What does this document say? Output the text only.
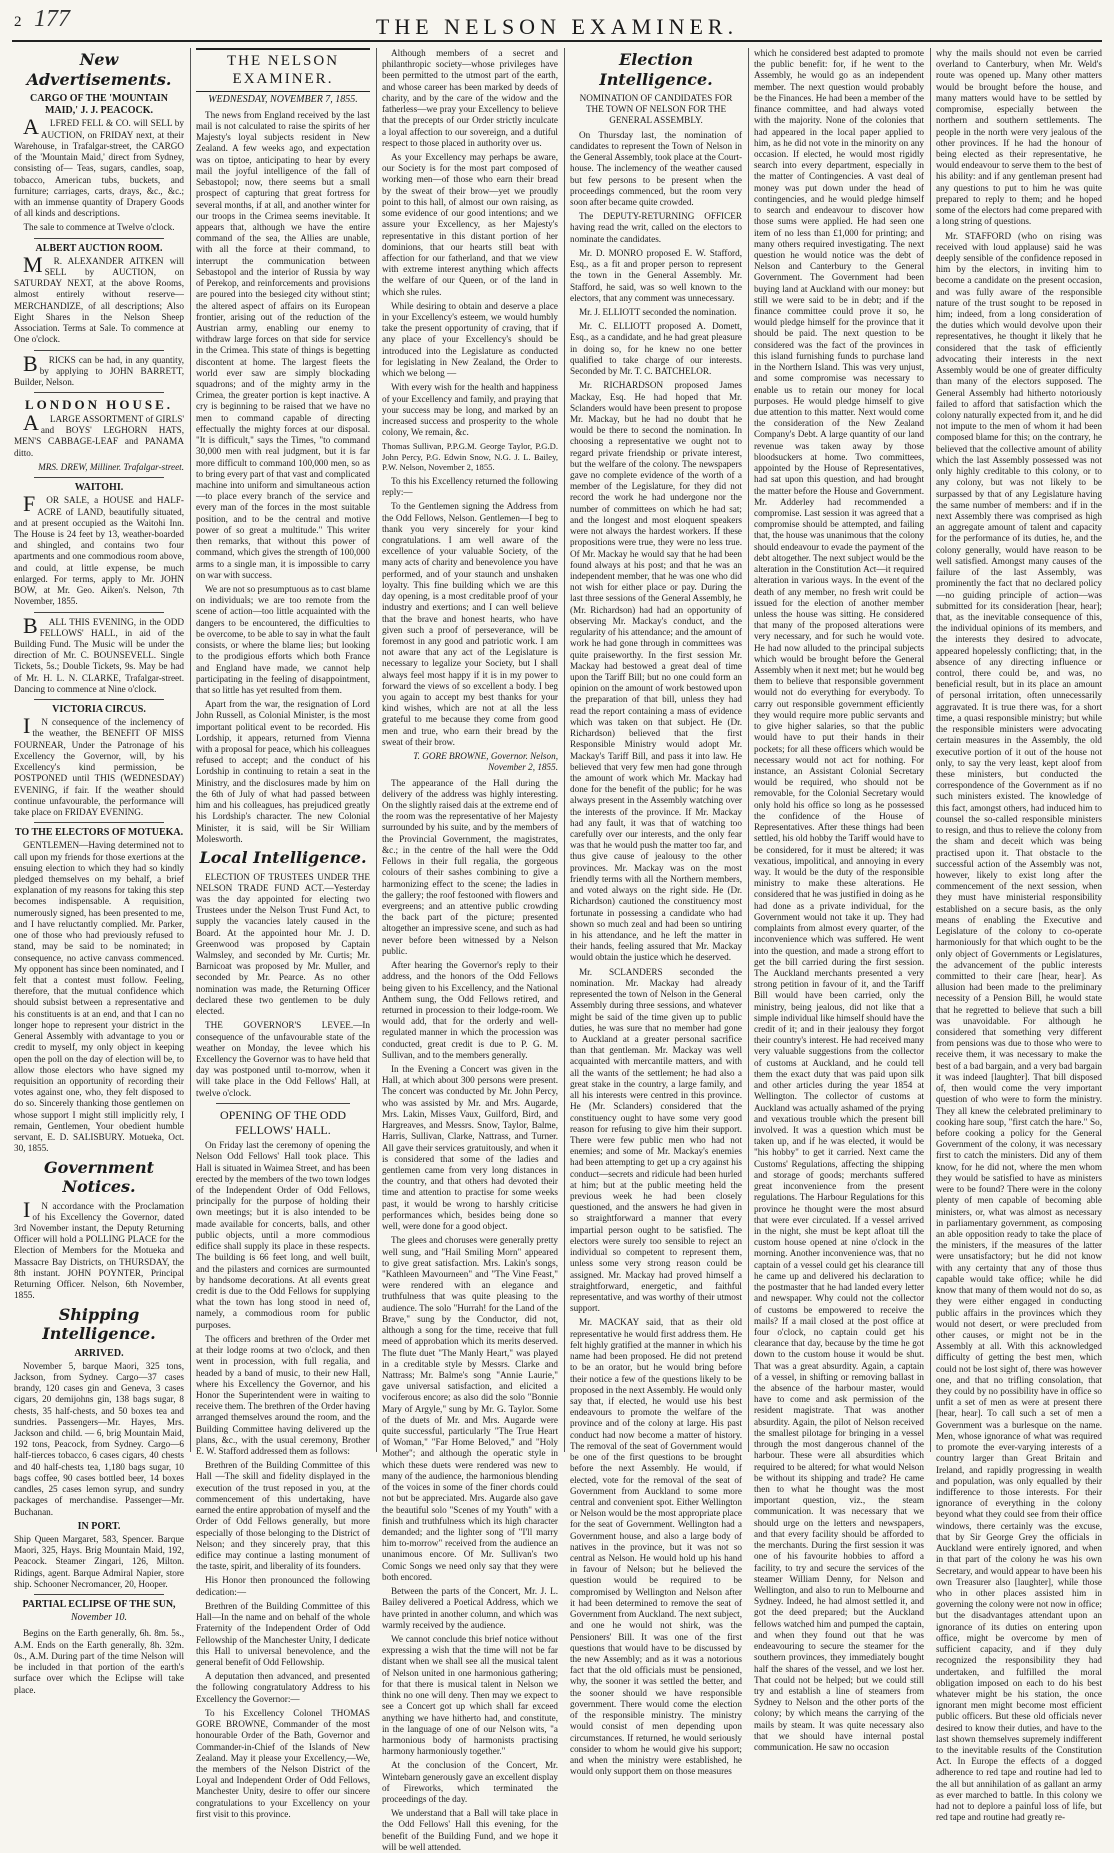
2 177	THE NELSON EXAMINER.
New Advertisements.
CARGO OF THE 'MOUNTAIN MAID,' J. J. PEACOCK.

ALFRED FELL & CO. will SELL by AUCTION, on FRIDAY next, at their Warehouse, in Trafalgar-street, the CARGO of the 'Mountain Maid,' direct from Sydney, consisting of— Teas, sugars, candles, soap, tobacco, American tubs, buckets, and furniture; carriages, carts, drays, &c., &c.; with an immense quantity of Drapery Goods of all kinds and descriptions.

The sale to commence at Twelve o'clock.

ALBERT AUCTION ROOM.

MR. ALEXANDER AITKEN will SELL by AUCTION, on SATURDAY NEXT, at the above Rooms, almost entirely without reserve— MERCHANDIZE, of all descriptions; Also Eight Shares in the Nelson Sheep Association. Terms at Sale. To commence at One o'clock.

BRICKS can be had, in any quantity, by applying to JOHN BARRETT, Builder, Nelson.

LONDON HOUSE.

ALARGE ASSORTMENT of GIRLS' and BOYS' LEGHORN HATS, MEN'S CABBAGE-LEAF and PANAMA ditto.

MRS. DREW, Milliner. Trafalgar-street.
WAITOHI.

FOR SALE, a HOUSE and HALF-ACRE of LAND, beautifully situated, and at present occupied as the Waitohi Inn. The House is 24 feet by 13, weather-boarded and shingled, and contains two four apartments and one commodious room above, and could, at little expense, be much enlarged. For terms, apply to Mr. JOHN BOW, at Mr. Geo. Aiken's. Nelson, 7th November, 1855.

BALL THIS EVENING, in the ODD FELLOWS' HALL, in aid of the Building Fund. The Music will be under the direction of Mr. C. BOUNSEVELL. Single Tickets, 5s.; Double Tickets, 9s. May be had of Mr. H. L. N. CLARKE, Trafalgar-street. Dancing to commence at Nine o'clock.

VICTORIA CIRCUS.

IN consequence of the inclemency of the weather, the BENEFIT OF MISS FOURNEAR, Under the Patronage of his Excellency the Governor, will, by his Excellency's kind permission, be POSTPONED until THIS (WEDNESDAY) EVENING, if fair. If the weather should continue unfavourable, the performance will take place on FRIDAY EVENING.

TO THE ELECTORS OF MOTUEKA.

GENTLEMEN—Having determined not to call upon my friends for those exertions at the ensuing election to which they had so kindly pledged themselves on my behalf, a brief explanation of my reasons for taking this step becomes indispensable. A requisition, numerously signed, has been presented to me, and I have reluctantly complied. Mr. Parker, one of those who had previously refused to stand, may be said to be nominated; in consequence, no active canvass commenced. My opponent has since been nominated, and I felt that a contest must follow. Feeling, therefore, that the mutual confidence which should subsist between a representative and his constituents is at an end, and that I can no longer hope to represent your district in the General Assembly with advantage to you or credit to myself, my only object in keeping open the poll on the day of election will be, to allow those electors who have signed my requisition an opportunity of recording their votes against one, who, they felt disposed to do so. Sincerely thanking those gentlemen on whose support I might still implicitly rely, I remain, Gentlemen, Your obedient humble servant, E. D. SALISBURY. Motueka, Oct. 30, 1855.

Government Notices.

IN accordance with the Proclamation of his Excellency the Governor, dated 3rd November instant, the Deputy Returning Officer will hold a POLLING PLACE for the Election of Members for the Motueka and Massacre Bay Districts, on THURSDAY, the 8th instant. JOHN POYNTER, Principal Returning Officer. Nelson, 6th November, 1855.

Shipping Intelligence.
ARRIVED.

November 5, barque Maori, 325 tons, Jackson, from Sydney. Cargo—37 cases brandy, 120 cases gin and Geneva, 3 cases cigars, 20 demijohns gin, 138 bags sugar, 8 chests, 35 half-chests, and 50 boxes tea and sundries. Passengers—Mr. Hayes, Mrs. Jackson and child. — 6, brig Mountain Maid, 192 tons, Peacock, from Sydney. Cargo—6 half-tierces tobacco, 6 cases cigars, 40 chests and 40 half-chests tea, 1,180 bags sugar, 10 bags coffee, 90 cases bottled beer, 14 boxes candles, 25 cases lemon syrup, and sundry packages of merchandise. Passenger—Mr. Buchanan.

IN PORT.

Ship Queen Margaret, 583, Spencer. Barque Maori, 325, Hays. Brig Mountain Maid, 192, Peacock. Steamer Zingari, 126, Milton. Ridings, agent. Barque Admiral Napier, store ship. Schooner Necromancer, 20, Hooper.

PARTIAL ECLIPSE OF THE SUN,
November 10.

Begins on the Earth generally, 6h. 8m. 5s., A.M. Ends on the Earth generally, 8h. 32m. 0s., A.M. During part of the time Nelson will be included in that portion of the earth's surface over which the Eclipse will take place.

THE NELSON EXAMINER.
WEDNESDAY, NOVEMBER 7, 1855.

The news from England received by the last mail is not calculated to raise the spirits of her Majesty's loyal subjects resident in New Zealand. A few weeks ago, and expectation was on tiptoe, anticipating to hear by every mail the joyful intelligence of the fall of Sebastopol; now, there seems but a small prospect of capturing that great fortress for several months, if at all, and another winter for our troops in the Crimea seems inevitable. It appears that, although we have the entire command of the sea, the Allies are unable, with all the force at their command, to interrupt the communication between Sebastopol and the interior of Russia by way of Perekop, and reinforcements and provisions are poured into the besieged city without stint; the altered aspect of affairs on its European frontier, arising out of the reduction of the Austrian army, enabling our enemy to withdraw large forces on that side for service in the Crimea. This state of things is begetting discontent at home. The largest fleets the world ever saw are simply blockading squadrons; and of the mighty army in the Crimea, the greater portion is kept inactive. A cry is beginning to be raised that we have no men to command capable of directing effectually the mighty forces at our disposal. "It is difficult," says the Times, "to command 30,000 men with real judgment, but it is far more difficult to command 100,000 men, so as to bring every part of that vast and complicated machine into uniform and simultaneous action—to place every branch of the service and every man of the forces in the most suitable position, and to be the central and motive power of so great a multitude." This writer then remarks, that without this power of command, which gives the strength of 100,000 arms to a single man, it is impossible to carry on war with success.

We are not so presumptuous as to cast blame on individuals; we are too remote from the scene of action—too little acquainted with the dangers to be encountered, the difficulties to be overcome, to be able to say in what the fault consists, or where the blame lies; but looking to the prodigious efforts which both France and England have made, we cannot help participating in the feeling of disappointment, that so little has yet resulted from them.

Apart from the war, the resignation of Lord John Russell, as Colonial Minister, is the most important political event to be recorded. His Lordship, it appears, returned from Vienna with a proposal for peace, which his colleagues refused to accept; and the conduct of his Lordship in continuing to retain a seat in the Ministry, and the disclosures made by him on the 6th of July of what had passed between him and his colleagues, has prejudiced greatly his Lordship's character. The new Colonial Minister, it is said, will be Sir William Molesworth.

Local Intelligence.

ELECTION OF TRUSTEES UNDER THE NELSON TRADE FUND ACT.—Yesterday was the day appointed for electing two Trustees under the Nelson Trust Fund Act, to supply the vacancies lately caused in the Board. At the appointed hour Mr. J. D. Greenwood was proposed by Captain Walmsley, and seconded by Mr. Curtis; Mr. Barnicoat was proposed by Mr. Muller, and seconded by Mr. Pearce. As no other nomination was made, the Returning Officer declared these two gentlemen to be duly elected.

THE GOVERNOR'S LEVEE.—In consequence of the unfavourable state of the weather on Monday, the levee which his Excellency the Governor was to have held that day was postponed until to-morrow, when it will take place in the Odd Fellows' Hall, at twelve o'clock.

OPENING OF THE ODD FELLOWS' HALL.

On Friday last the ceremony of opening the Nelson Odd Fellows' Hall took place. This Hall is situated in Waimea Street, and has been erected by the members of the two town lodges of the Independent Order of Odd Fellows, principally for the purpose of holding their own meetings; but it is also intended to be made available for concerts, balls, and other public objects, until a more commodious edifice shall supply its place in these respects. The building is 66 feet long, and well built, and the pilasters and cornices are surmounted by handsome decorations. At all events great credit is due to the Odd Fellows for supplying what the town has long stood in need of, namely, a commodious room for public purposes.

The officers and brethren of the Order met at their lodge rooms at two o'clock, and then went in procession, with full regalia, and headed by a band of music, to their new Hall, where his Excellency the Governor, and his Honor the Superintendent were in waiting to receive them. The brethren of the Order having arranged themselves around the room, and the Building Committee having delivered up the plans, &c., with the usual ceremony, Brother E. W. Stafford addressed them as follows:

Brethren of the Building Committee of this Hall —The skill and fidelity displayed in the execution of the trust reposed in you, at the commencement of this undertaking, have earned the entire approbation of myself and the Order of Odd Fellows generally, but more especially of those belonging to the District of Nelson; and they sincerely pray, that this edifice may continue a lasting monument of the taste, spirit, and liberality of its founders.

His Honor then pronounced the following dedication:—

Brethren of the Building Committee of this Hall—In the name and on behalf of the whole Fraternity of the Independent Order of Odd Fellowship of the Manchester Unity, I dedicate this Hall to universal benevolence, and the general benefit of Odd Fellowship.

A deputation then advanced, and presented the following congratulatory Address to his Excellency the Governor:—

To his Excellency Colonel THOMAS GORE BROWNE, Commander of the most honourable Order of the Bath, Governor and Commander-in-Chief of the Islands of New Zealand. May it please your Excellency,—We, the members of the Nelson District of the Loyal and Independent Order of Odd Fellows, Manchester Unity, desire to offer our sincere congratulations to your Excellency on your first visit to this province.

Although members of a secret and philanthropic society—whose privileges have been permitted to the utmost part of the earth, and whose career has been marked by deeds of charity, and by the care of the widow and the fatherless—we pray your Excellency to believe that the precepts of our Order strictly inculcate a loyal affection to our sovereign, and a dutiful respect to those placed in authority over us.

As your Excellency may perhaps be aware, our Society is for the most part composed of working men—of those who earn their bread by the sweat of their brow—yet we proudly point to this hall, of almost our own raising, as some evidence of our good intentions; and we assure your Excellency, as her Majesty's representative in this distant portion of her dominions, that our hearts still beat with affection for our fatherland, and that we view with extreme interest anything which affects the welfare of our Queen, or of the land in which she rules.

While desiring to obtain and deserve a place in your Excellency's esteem, we would humbly take the present opportunity of craving, that if any place of your Excellency's should be introduced into the Legislature as conducted for legislating in New Zealand, the Order to which we belong —

With every wish for the health and happiness of your Excellency and family, and praying that your success may be long, and marked by an increased success and prosperity to the whole colony, We remain, &c.

Thomas Sullivan, P.P.G.M. George Taylor, P.G.D. John Percy, P.G. Edwin Snow, N.G. J. L. Bailey, P.W. Nelson, November 2, 1855.

To this his Excellency returned the following reply:—

To the Gentlemen signing the Address from the Odd Fellows, Nelson. Gentlemen—I beg to thank you very sincerely for your kind congratulations. I am well aware of the excellence of your valuable Society, of the many acts of charity and benevolence you have performed, and of your staunch and unshaken loyalty. This fine building which we are this day opening, is a most creditable proof of your industry and exertions; and I can well believe that the brave and honest hearts, who have given such a proof of perseverance, will be foremost in any good and patriotic work. I am not aware that any act of the Legislature is necessary to legalize your Society, but I shall always feel most happy if it is in my power to forward the views of so excellent a body. I beg you again to accept my best thanks for your kind wishes, which are not at all the less grateful to me because they come from good men and true, who earn their bread by the sweat of their brow.

T. GORE BROWNE, Governor. Nelson, November 2, 1855.

The appearance of the Hall during the delivery of the address was highly interesting. On the slightly raised dais at the extreme end of the room was the representative of her Majesty surrounded by his suite, and by the members of the Provincial Government, the magistrates, &c.; in the centre of the hall were the Odd Fellows in their full regalia, the gorgeous colours of their sashes combining to give a harmonizing effect to the scene; the ladies in the gallery; the roof festooned with flowers and evergreens; and an attentive public crowding the back part of the picture; presented altogether an impressive scene, and such as had never before been witnessed by a Nelson public.

After hearing the Governor's reply to their address, and the honors of the Odd Fellows being given to his Excellency, and the National Anthem sung, the Odd Fellows retired, and returned in procession to their lodge-room. We would add, that for the orderly and well-regulated manner in which the procession was conducted, great credit is due to P. G. M. Sullivan, and to the members generally.

In the Evening a Concert was given in the Hall, at which about 300 persons were present. The concert was conducted by Mr. John Percy, who was assisted by Mr. and Mrs. Augarde, Mrs. Lakin, Misses Vaux, Guilford, Bird, and Hargreaves, and Messrs. Snow, Taylor, Balme, Harris, Sullivan, Clarke, Nattrass, and Turner. All gave their services gratuitously, and when it is considered that some of the ladies and gentlemen came from very long distances in the country, and that others had devoted their time and attention to practise for some weeks past, it would be wrong to harshly criticise performances which, besides being done so well, were done for a good object.

The glees and choruses were generally pretty well sung, and "Hail Smiling Morn" appeared to give great satisfaction. Mrs. Lakin's songs, "Kathleen Mavourneen" and "The Vine Feast," were rendered with an elegance and truthfulness that was quite pleasing to the audience. The solo "Hurrah! for the Land of the Brave," sung by the Conductor, did not, although a song for the time, receive that full meed of approbation which its merits deserved. The flute duet "The Manly Heart," was played in a creditable style by Messrs. Clarke and Nattrass; Mr. Balme's song "Annie Laurie," gave universal satisfaction, and elicited a vociferous encore; as also did the solo "Bonnie Mary of Argyle," sung by Mr. G. Taylor. Some of the duets of Mr. and Mrs. Augarde were quite successful, particularly "The True Heart of Woman," "Far Home Beloved," and "Holy Mother"; and although the operatic style in which these duets were rendered was new to many of the audience, the harmonious blending of the voices in some of the finer chords could not but be appreciated. Mrs. Augarde also gave the beautiful solo "Scenes of my Youth" with a finish and truthfulness which its high character demanded; and the lighter song of "I'll marry him to-morrow" received from the audience an unanimous encore. Of Mr. Sullivan's two Comic Songs we need only say that they were both encored.

Between the parts of the Concert, Mr. J. L. Bailey delivered a Poetical Address, which we have printed in another column, and which was warmly received by the audience.

We cannot conclude this brief notice without expressing a wish that the time will not be far distant when we shall see all the musical talent of Nelson united in one harmonious gathering; for that there is musical talent in Nelson we think no one will deny. Then may we expect to see a Concert got up which shall far exceed anything we have hitherto had, and constitute, in the language of one of our Nelson wits, "a harmonious body of harmonists practising harmony harmoniously together."

At the conclusion of the Concert, Mr. Wintebarn generously gave an excellent display of Fireworks, which terminated the proceedings of the day.

We understand that a Ball will take place in the Odd Fellows' Hall this evening, for the benefit of the Building Fund, and we hope it will be well attended.

Election Intelligence.

NOMINATION OF CANDIDATES FOR THE TOWN OF NELSON FOR THE GENERAL ASSEMBLY.

On Thursday last, the nomination of candidates to represent the Town of Nelson in the General Assembly, took place at the Court-house. The inclemency of the weather caused but few persons to be present when the proceedings commenced, but the room very soon after became quite crowded.

The DEPUTY-RETURNING OFFICER having read the writ, called on the electors to nominate the candidates.

Mr. D. MONRO proposed E. W. Stafford, Esq., as a fit and proper person to represent the town in the General Assembly. Mr. Stafford, he said, was so well known to the electors, that any comment was unnecessary.

Mr. J. ELLIOTT seconded the nomination.

Mr. C. ELLIOTT proposed A. Domett, Esq., as a candidate, and he had great pleasure in doing so, for he knew no one better qualified to take charge of our interests. Seconded by Mr. T. C. BATCHELOR.

Mr. RICHARDSON proposed James Mackay, Esq. He had hoped that Mr. Sclanders would have been present to propose Mr. Mackay, but he had no doubt that he would be there to second the nomination. In choosing a representative we ought not to regard private friendship or private interest, but the welfare of the colony. The newspapers gave no complete evidence of the worth of a member of the Legislature, for they did not record the work he had undergone nor the number of committees on which he had sat; and the longest and most eloquent speakers were not always the hardest workers. If these propositions were true, they were no less true. Of Mr. Mackay he would say that he had been found always at his post; and that he was an independent member, that he was one who did not wish for either place or pay. During the last three sessions of the General Assembly, he (Mr. Richardson) had had an opportunity of observing Mr. Mackay's conduct, and the regularity of his attendance; and the amount of work he had gone through in committees was quite praiseworthy. In the first session Mr. Mackay had bestowed a great deal of time upon the Tariff Bill; but no one could form an opinion on the amount of work bestowed upon the preparation of that bill, unless they had read the report containing a mass of evidence which was taken on that subject. He (Dr. Richardson) believed that the first Responsible Ministry would adopt Mr. Mackay's Tariff Bill, and pass it into law. He believed that very few men had gone through the amount of work which Mr. Mackay had done for the benefit of the public; for he was always present in the Assembly watching over the interests of the province. If Mr. Mackay had any fault, it was that of watching too carefully over our interests, and the only fear was that he would push the matter too far, and thus give cause of jealousy to the other provinces. Mr. Mackay was on the most friendly terms with all the Northern members, and voted always on the right side. He (Dr. Richardson) cautioned the constituency most fortunate in possessing a candidate who had shown so much zeal and had been so untiring in his attendance, and he left the matter in their hands, feeling assured that Mr. Mackay would obtain the justice which he deserved.

Mr. SCLANDERS seconded the nomination. Mr. Mackay had already represented the town of Nelson in the General Assembly during three sessions, and whatever might be said of the time given up to public duties, he was sure that no member had gone to Auckland at a greater personal sacrifice than that gentleman. Mr. Mackay was well acquainted with mercantile matters, and with all the wants of the settlement; he had also a great stake in the country, a large family, and all his interests were centred in this province. He (Mr. Sclanders) considered that the constituency ought to have some very good reason for refusing to give him their support. There were few public men who had not enemies; and some of Mr. Mackay's enemies had been attempting to get up a cry against his conduct—secrets and ridicule had been hurled at him; but at the public meeting held the previous week he had been closely questioned, and the answers he had given in so straightforward a manner that every impartial person ought to be satisfied. The electors were surely too sensible to reject an individual so competent to represent them, unless some very strong reason could be assigned. Mr. Mackay had proved himself a straightforward, energetic, and faithful representative, and was worthy of their utmost support.

Mr. MACKAY said, that as their old representative he would first address them. He felt highly gratified at the manner in which his name had been proposed. He did not pretend to be an orator, but he would bring before their notice a few of the questions likely to be proposed in the next Assembly. He would only say that, if elected, he would use his best endeavours to promote the welfare of the province and of the colony at large. His past conduct had now become a matter of history. The removal of the seat of Government would be one of the first questions to be brought before the next Assembly. He would, if elected, vote for the removal of the seat of Government from Auckland to some more central and convenient spot. Either Wellington or Nelson would be the most appropriate place for the seat of Government. Wellington had a Government house, and also a large body of natives in the province, but it was not so central as Nelson. He would hold up his hand in favour of Nelson; but he believed the question would be required to be compromised by Wellington and Nelson after it had been determined to remove the seat of Government from Auckland. The next subject, and one he would not shirk, was the Pensioners' Bill. It was one of the first questions that would have to be discussed by the new Assembly; and as it was a notorious fact that the old officials must be pensioned, why, the sooner it was settled the better, and the sooner should we have responsible government. There would come the election of the responsible ministry. The ministry would consist of men depending upon circumstances. If returned, he would seriously consider to whom he would give his support; and when the ministry were established, he would only support them on those measures

which he considered best adapted to promote the public benefit: for, if he went to the Assembly, he would go as an independent member. The next question would probably be the Finances. He had been a member of the finance committee, and had always voted with the majority. None of the colonies that had appeared in the local paper applied to him, as he did not vote in the minority on any occasion. If elected, he would most rigidly search into every department, especially in the matter of Contingencies. A vast deal of money was put down under the head of contingencies, and he would pledge himself to search and endeavour to discover how those sums were applied. He had seen one item of no less than £1,000 for printing; and many others required investigating. The next question he would notice was the debt of Nelson and Canterbury to the General Government. The Government had been buying land at Auckland with our money: but still we were said to be in debt; and if the finance committee could prove it so, he would pledge himself for the province that it should be paid. The next question to be considered was the fact of the provinces in this island furnishing funds to purchase land in the Northern Island. This was very unjust, and some compromise was necessary to enable us to retain our money for local purposes. He would pledge himself to give due attention to this matter. Next would come the consideration of the New Zealand Company's Debt. A large quantity of our land revenue was taken away by those bloodsuckers at home. Two committees, appointed by the House of Representatives, had sat upon this question, and had brought the matter before the House and Government. Mr. Adderley had recommended a compromise. Last session it was agreed that a compromise should be attempted, and failing that, the house was unanimous that the colony should endeavour to evade the payment of the debt altogether. The next subject would be the alteration in the Constitution Act—it required alteration in various ways. In the event of the death of any member, no fresh writ could be issued for the election of another member unless the house was sitting. He considered that many of the proposed alterations were very necessary, and for such he would vote. He had now alluded to the principal subjects which would be brought before the General Assembly when it next met; but he would beg them to believe that responsible government would not do everything for everybody. To carry out responsible government efficiently they would require more public servants and to give higher salaries, so that the public would have to put their hands in their pockets; for all these officers which would be necessary would not act for nothing. For instance, an Assistant Colonial Secretary would be required, who should not be removable, for the Colonial Secretary would only hold his office so long as he possessed the confidence of the House of Representatives. After these things had been settled, his old hobby the Tariff would have to be considered, for it must be altered; it was vexatious, impolitical, and annoying in every way. It would be the duty of the responsible ministry to make these alterations. He considered that he was justified in doing as he had done as a private individual, for the Government would not take it up. They had complaints from almost every quarter, of the inconvenience which was suffered. He went into the question, and made a strong effort to get the bill carried during the first session. The Auckland merchants presented a very strong petition in favour of it, and the Tariff Bill would have been carried, only the ministry, being jealous, did not like that a simple individual like himself should have the credit of it; and in their jealousy they forgot their country's interest. He had received many very valuable suggestions from the collector of customs at Auckland, and he could tell them the exact duty that was paid upon silk and other articles during the year 1854 at Wellington. The collector of customs at Auckland was actually ashamed of the prying and vexatious trouble which the present bill involved. It was a question which must be taken up, and if he was elected, it would be "his hobby" to get it carried. Next came the Customs' Regulations, affecting the shipping and storage of goods; merchants suffered great inconvenience from the present regulations. The Harbour Regulations for this province he thought were the most absurd that were ever circulated. If a vessel arrived in the night, she must be kept afloat till the custom house opened at nine o'clock in the morning. Another inconvenience was, that no captain of a vessel could get his clearance till he came up and delivered his declaration to the postmaster that he had landed every letter and newspaper. Why could not the collector of customs be empowered to receive the mails? If a mail closed at the post office at four o'clock, no captain could get his clearance that day, because by the time he got down to the custom house it would be shut. That was a great absurdity. Again, a captain of a vessel, in shifting or removing ballast in the absence of the harbour master, would have to come and ask permission of the resident magistrate. That was another absurdity. Again, the pilot of Nelson received the smallest pilotage for bringing in a vessel through the most dangerous channel of the harbour. These were all absurdities which required to be altered; for what would Nelson be without its shipping and trade? He came then to what he thought was the most important question, viz., the steam communication. It was necessary that we should urge on the letters and newspapers, and that every facility should be afforded to the merchants. During the first session it was one of his favourite hobbies to afford a facility, to try and secure the services of the steamer William Denny, for Nelson and Wellington, and also to run to Melbourne and Sydney. Indeed, he had almost settled it, and got the deed prepared; but the Auckland fellows watched him and pumped the captain, and when they found out that he was endeavouring to secure the steamer for the southern provinces, they immediately bought half the shares of the vessel, and we lost her. That could not be helped; but we could still try and establish a line of steamers from Sydney to Nelson and the other ports of the colony; by which means the carrying of the mails by steam. It was quite necessary also that we should have internal postal communication. He saw no occasion

why the mails should not even be carried overland to Canterbury, when Mr. Weld's route was opened up. Many other matters would be brought before the house, and many matters would have to be settled by compromise, especially between the northern and southern settlements. The people in the north were very jealous of the other provinces. If he had the honour of being elected as their representative, he would endeavour to serve them to the best of his ability: and if any gentleman present had any questions to put to him he was quite prepared to reply to them; and he hoped some of the electors had come prepared with a long string of questions.

Mr. STAFFORD (who on rising was received with loud applause) said he was deeply sensible of the confidence reposed in him by the electors, in inviting him to become a candidate on the present occasion, and was fully aware of the responsible nature of the trust sought to be reposed in him; indeed, from a long consideration of the duties which would devolve upon their representatives, he thought it likely that he considered that the task of efficiently advocating their interests in the next Assembly would be one of greater difficulty than many of the electors supposed. The General Assembly had hitherto notoriously failed to afford that satisfaction which the colony naturally expected from it, and he did not impute to the men of whom it had been composed blame for this; on the contrary, he believed that the collective amount of ability which the last Assembly possessed was not only highly creditable to this colony, or to any colony, but was not likely to be surpassed by that of any Legislature having the same number of members: and if in the next Assembly there was comprised as high an aggregate amount of talent and capacity for the performance of its duties, he, and the colony generally, would have reason to be well satisfied. Amongst many causes of the failure of the last Assembly, was prominently the fact that no declared policy—no guiding principle of action—was submitted for its consideration [hear, hear]; that, as the inevitable consequence of this, the individual opinions of its members, and the interests they desired to advocate, appeared hopelessly conflicting; that, in the absence of any directing influence or control, there could be, and was, no beneficial result, but in its place an amount of personal irritation, often unnecessarily aggravated. It is true there was, for a short time, a quasi responsible ministry; but while the responsible ministers were advocating certain measures in the Assembly, the old executive portion of it out of the house not only, to say the very least, kept aloof from these ministers, but conducted the correspondence of the Government as if no such ministers existed. The knowledge of this fact, amongst others, had induced him to counsel the so-called responsible ministers to resign, and thus to relieve the colony from the sham and deceit which was being practised upon it. That obstacle to the successful action of the Assembly was not, however, likely to exist long after the commencement of the next session, when they must have ministerial responsibility established on a secure basis, as the only means of enabling the Executive and Legislature of the colony to co-operate harmoniously for that which ought to be the only object of Governments or Legislatures, the advancement of the public interests committed to their care [hear, hear]. As allusion had been made to the preliminary necessity of a Pension Bill, he would state that he regretted to believe that such a bill was unavoidable. For although he considered that something very different from pensions was due to those who were to receive them, it was necessary to make the best of a bad bargain, and a very bad bargain it was indeed [laughter]. That bill disposed of, then would come the very important question of who were to form the ministry. They all knew the celebrated preliminary to cooking hare soup, "first catch the hare." So, before cooking a policy for the General Government of the colony, it was necessary first to catch the ministers. Did any of them know, for he did not, where the men whom they would be satisfied to have as ministers were to be found? There were in the colony plenty of men capable of becoming able ministers, or, what was almost as necessary in parliamentary government, as composing an able opposition ready to take the place of the ministers, if the measures of the latter were unsatisfactory; but he did not know with any certainty that any of those thus capable would take office; while he did know that many of them would not do so, as they were either engaged in conducting public affairs in the provinces which they would not desert, or were precluded from other causes, or might not be in the Assembly at all. With this acknowledged difficulty of getting the best men, which could not be lost sight of, there was however one, and that no trifling consolation, that they could by no possibility have in office so unfit a set of men as were at present there [hear, hear]. To call such a set of men a Government was a burlesque on the name. Men, whose ignorance of what was required to promote the ever-varying interests of a country larger than Great Britain and Ireland, and rapidly progressing in wealth and population, was only equalled by their indifference to those interests. For their ignorance of everything in the colony beyond what they could see from their office windows, there certainly was the excuse, that by Sir George Grey the officials in Auckland were entirely ignored, and when in that part of the colony he was his own Secretary, and would appear to have been his own Treasurer also [laughter], while those who in other places assisted him in governing the colony were not now in office; but the disadvantages attendant upon an ignorance of its duties on entering upon office, might be overcome by men of sufficient capacity, and if they duly recognized the responsibility they had undertaken, and fulfilled the moral obligation imposed on each to do his best whatever might be his station, the once ignorant men might become most efficient public officers. But these old officials never desired to know their duties, and have to the last shown themselves supremely indifferent to the inevitable results of the Constitution Act. In Europe the effects of a dogged adherence to red tape and routine had led to the all but annihilation of as gallant an army as ever marched to battle. In this colony we had not to deplore a painful loss of life, but red tape and routine had greatly re-
